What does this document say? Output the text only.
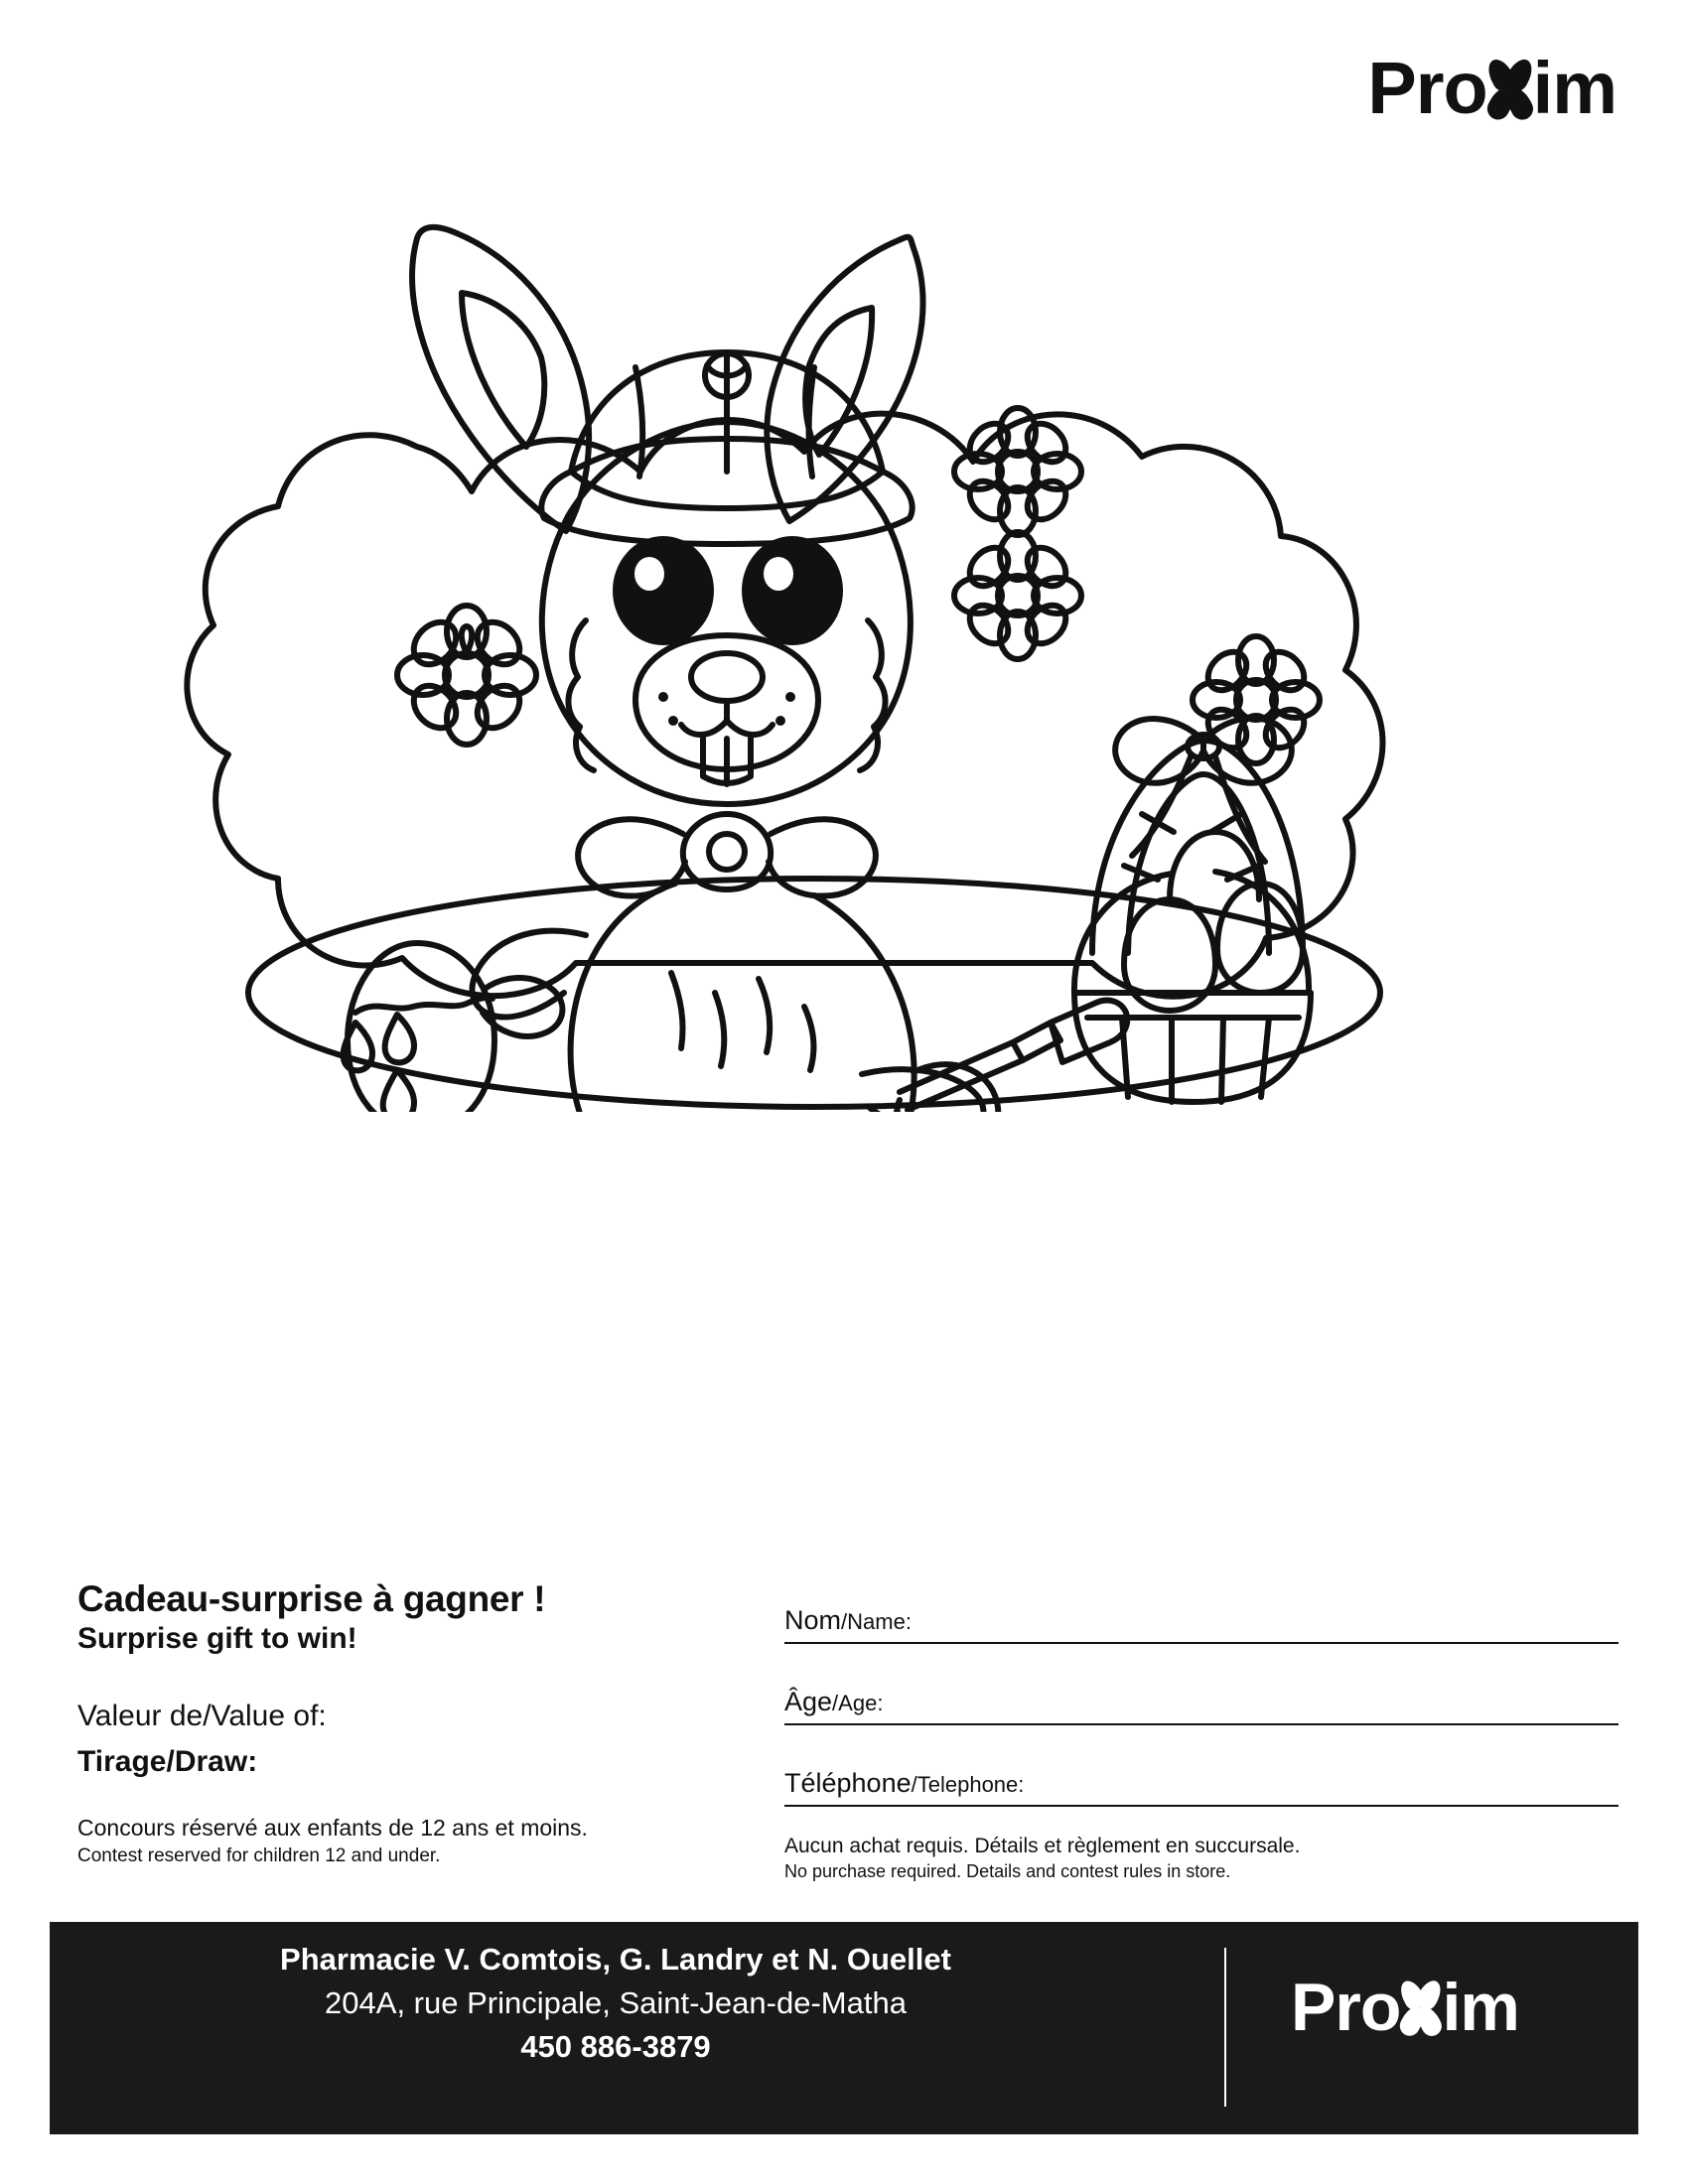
Pro im

Cadeau-surprise à gagner !

Surprise gift to win!

Valeur de/Value of:

Tirage/Draw:

Concours réservé aux enfants de 12 ans et moins.

Contest reserved for children 12 and under.

Nom/Name:
Âge/Age:
Téléphone/Telephone:

Aucun achat requis. Détails et règlement en succursale.

No purchase required. Details and contest rules in store.

Pharmacie V. Comtois, G. Landry et N. Ouellet

204A, rue Principale, Saint-Jean-de-Matha

450 886-3879

Pro im
